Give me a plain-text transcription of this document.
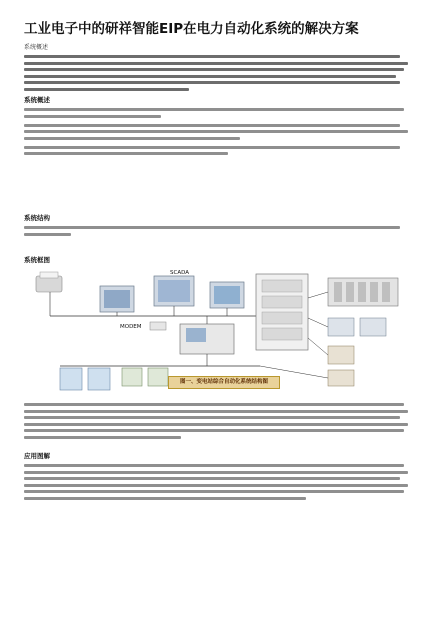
工业电子中的研祥智能EIP在电力自动化系统的解决方案
系统概述
系统概述
系统结构
系统框图
SCADA
MODEM
图一、变电站综合自动化系统结构图
应用图解
